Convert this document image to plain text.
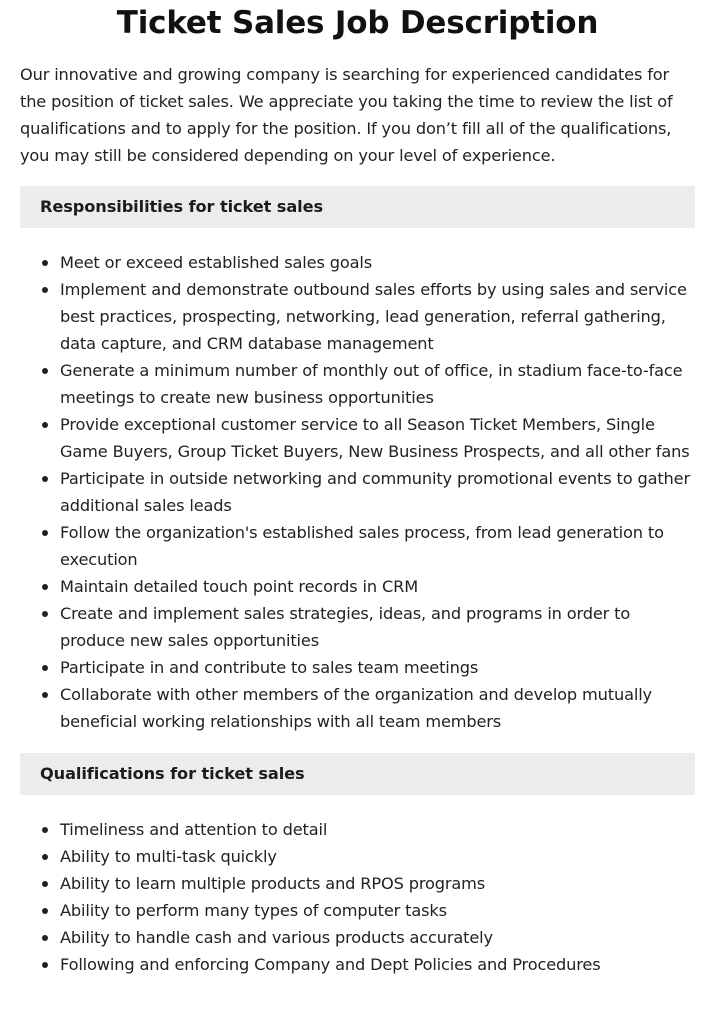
Ticket Sales Job Description

Our innovative and growing company is searching for experienced candidates for the position of ticket sales. We appreciate you taking the time to review the list of qualifications and to apply for the position. If you don’t fill all of the qualifications, you may still be considered depending on your level of experience.

Responsibilities for ticket sales
Meet or exceed established sales goals
Implement and demonstrate outbound sales efforts by using sales and service best practices, prospecting, networking, lead generation, referral gathering, data capture, and CRM database management
Generate a minimum number of monthly out of office, in stadium face-to-face meetings to create new business opportunities
Provide exceptional customer service to all Season Ticket Members, Single Game Buyers, Group Ticket Buyers, New Business Prospects, and all other fans
Participate in outside networking and community promotional events to gather additional sales leads
Follow the organization's established sales process, from lead generation to execution
Maintain detailed touch point records in CRM
Create and implement sales strategies, ideas, and programs in order to produce new sales opportunities
Participate in and contribute to sales team meetings
Collaborate with other members of the organization and develop mutually beneficial working relationships with all team members
Qualifications for ticket sales
Timeliness and attention to detail
Ability to multi-task quickly
Ability to learn multiple products and RPOS programs
Ability to perform many types of computer tasks
Ability to handle cash and various products accurately
Following and enforcing Company and Dept Policies and Procedures
